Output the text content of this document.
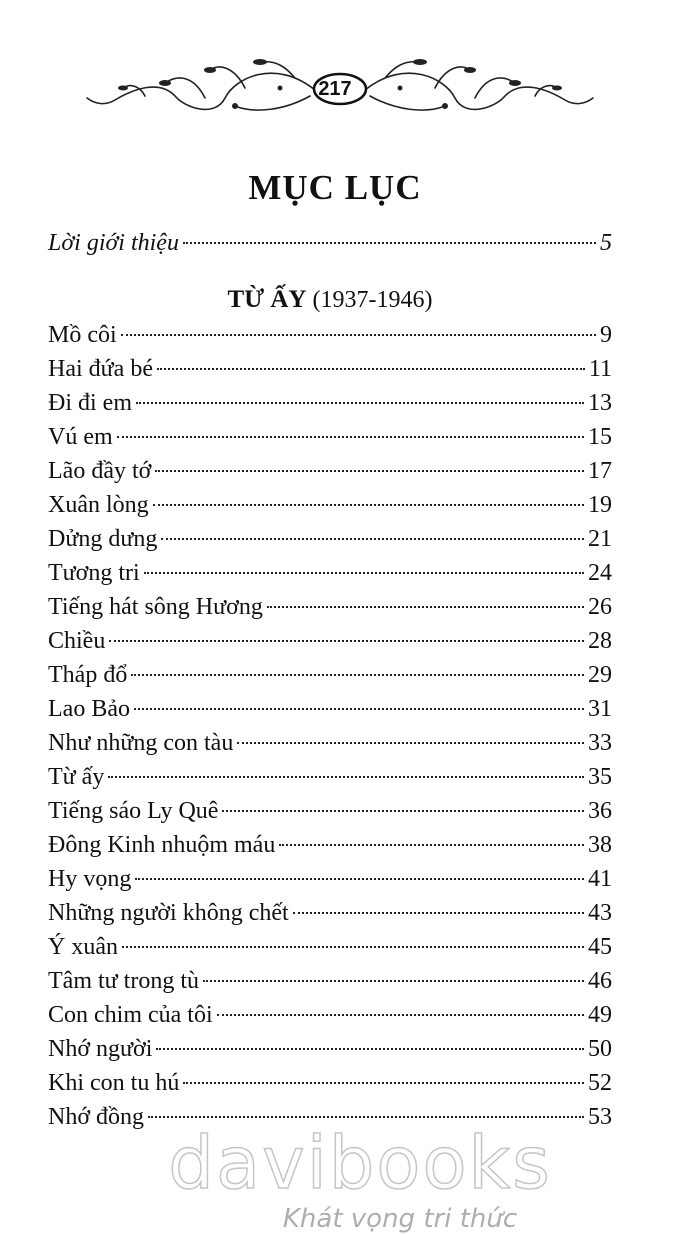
217
MỤC LỤC
Lời giới thiệu	5
TỪ ẤY (1937-1946)
Mồ côi	9
Hai đứa bé	11
Đi đi em	13
Vú em	15
Lão đầy tớ	17
Xuân lòng	19
Dửng dưng	21
Tương tri	24
Tiếng hát sông Hương	26
Chiều	28
Tháp đổ	29
Lao Bảo	31
Như những con tàu	33
Từ ấy	35
Tiếng sáo Ly Quê	36
Đông Kinh nhuộm máu	38
Hy vọng	41
Những người không chết	43
Ý xuân	45
Tâm tư trong tù	46
Con chim của tôi	49
Nhớ người	50
Khi con tu hú	52
Nhớ đồng	53
davibooks
Khát vọng tri thức
